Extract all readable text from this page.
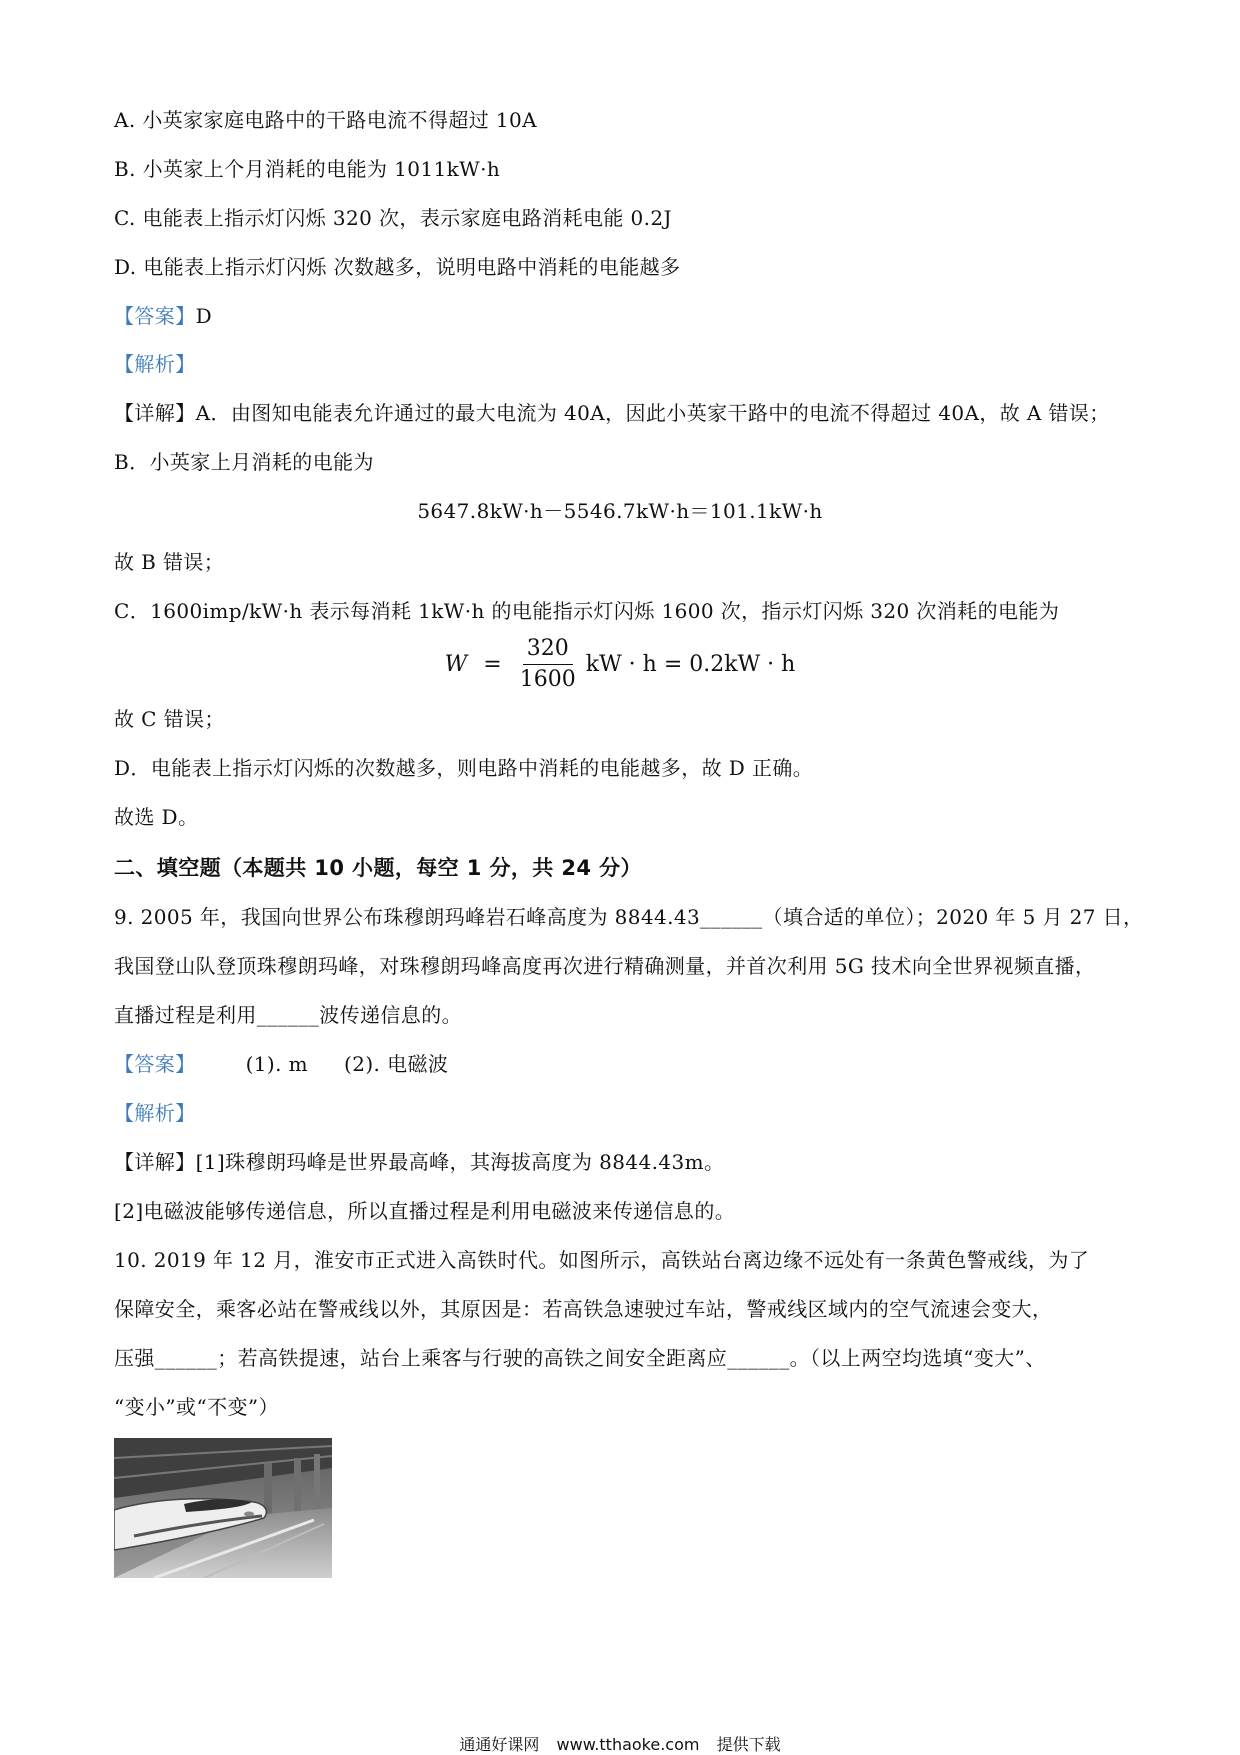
A. 小英家家庭电路中的干路电流不得超过 10A
B. 小英家上个月消耗的电能为 1011kW·h
C. 电能表上指示灯闪烁 320 次，表示家庭电路消耗电能 0.2J
D. 电能表上指示灯闪烁 次数越多，说明电路中消耗的电能越多
【答案】D
【解析】
【详解】A．由图知电能表允许通过的最大电流为 40A，因此小英家干路中的电流不得超过 40A，故 A 错误；
B．小英家上月消耗的电能为
5647.8kW·h－5546.7kW·h＝101.1kW·h
故 B 错误；
C．1600imp/kW·h 表示每消耗 1kW·h 的电能指示灯闪烁 1600 次，指示灯闪烁 320 次消耗的电能为
$W = \frac{320}{1600}$ kW · h = 0.2kW · h
故 C 错误；
D．电能表上指示灯闪烁的次数越多，则电路中消耗的电能越多，故 D 正确。
故选 D。
二、填空题（本题共 10 小题，每空 1 分，共 24 分）
9. 2005 年，我国向世界公布珠穆朗玛峰岩石峰高度为 8844.43______（填合适的单位）；2020 年 5 月 27 日，
我国登山队登顶珠穆朗玛峰，对珠穆朗玛峰高度再次进行精确测量，并首次利用 5G 技术向全世界视频直播，
直播过程是利用______波传递信息的。
【答案】	(1). m (2). 电磁波
【解析】
【详解】[1]珠穆朗玛峰是世界最高峰，其海拔高度为 8844.43m。
[2]电磁波能够传递信息，所以直播过程是利用电磁波来传递信息的。
10. 2019 年 12 月，淮安市正式进入高铁时代。如图所示，高铁站台离边缘不远处有一条黄色警戒线，为了
保障安全，乘客必站在警戒线以外，其原因是：若高铁急速驶过车站，警戒线区域内的空气流速会变大，
压强______；若高铁提速，站台上乘客与行驶的高铁之间安全距离应______。（以上两空均选填“变大”、
“变小”或“不变”）
通通好课网 www.tthaoke.com 提供下载
